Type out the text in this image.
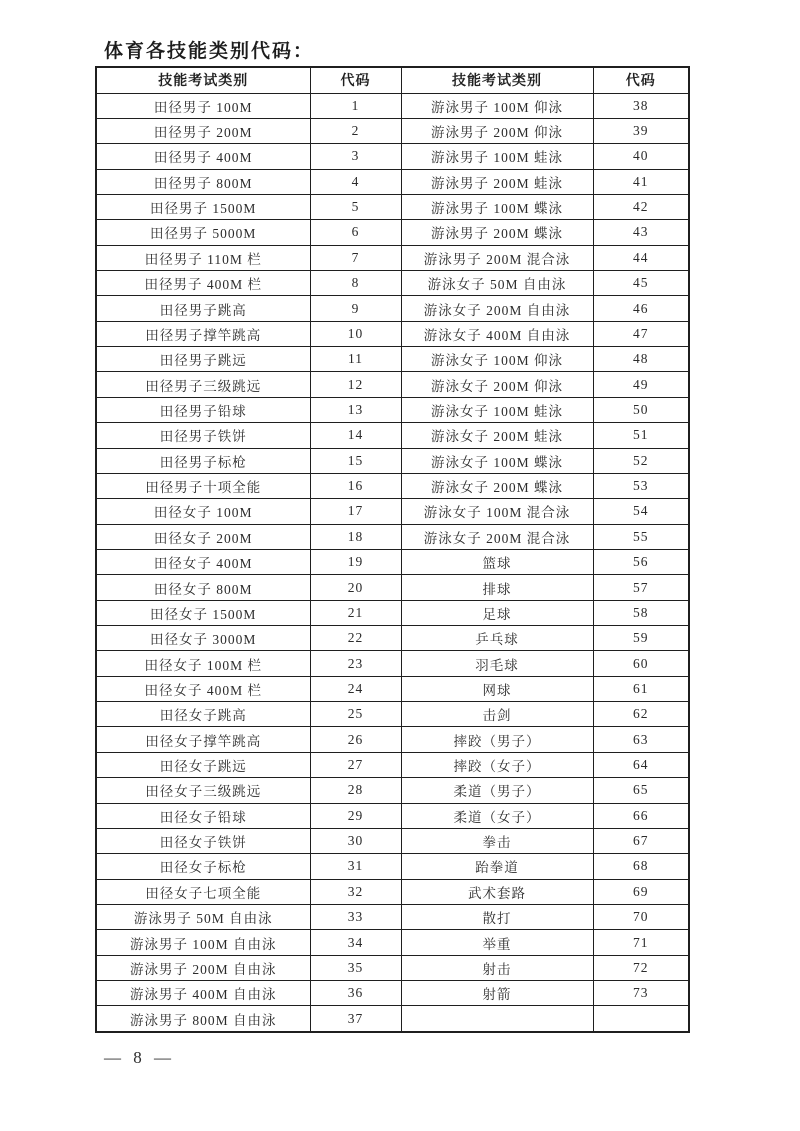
体育各技能类别代码：
技能考试类别	代码	技能考试类别	代码
田径男子 100M	1	游泳男子 100M 仰泳	38
田径男子 200M	2	游泳男子 200M 仰泳	39
田径男子 400M	3	游泳男子 100M 蛙泳	40
田径男子 800M	4	游泳男子 200M 蛙泳	41
田径男子 1500M	5	游泳男子 100M 蝶泳	42
田径男子 5000M	6	游泳男子 200M 蝶泳	43
田径男子 110M 栏	7	游泳男子 200M 混合泳	44
田径男子 400M 栏	8	游泳女子 50M 自由泳	45
田径男子跳高	9	游泳女子 200M 自由泳	46
田径男子撑竿跳高	10	游泳女子 400M 自由泳	47
田径男子跳远	11	游泳女子 100M 仰泳	48
田径男子三级跳远	12	游泳女子 200M 仰泳	49
田径男子铅球	13	游泳女子 100M 蛙泳	50
田径男子铁饼	14	游泳女子 200M 蛙泳	51
田径男子标枪	15	游泳女子 100M 蝶泳	52
田径男子十项全能	16	游泳女子 200M 蝶泳	53
田径女子 100M	17	游泳女子 100M 混合泳	54
田径女子 200M	18	游泳女子 200M 混合泳	55
田径女子 400M	19	篮球	56
田径女子 800M	20	排球	57
田径女子 1500M	21	足球	58
田径女子 3000M	22	乒乓球	59
田径女子 100M 栏	23	羽毛球	60
田径女子 400M 栏	24	网球	61
田径女子跳高	25	击剑	62
田径女子撑竿跳高	26	摔跤（男子）	63
田径女子跳远	27	摔跤（女子）	64
田径女子三级跳远	28	柔道（男子）	65
田径女子铅球	29	柔道（女子）	66
田径女子铁饼	30	拳击	67
田径女子标枪	31	跆拳道	68
田径女子七项全能	32	武术套路	69
游泳男子 50M 自由泳	33	散打	70
游泳男子 100M 自由泳	34	举重	71
游泳男子 200M 自由泳	35	射击	72
游泳男子 400M 自由泳	36	射箭	73
游泳男子 800M 自由泳	37		
— 8 —
